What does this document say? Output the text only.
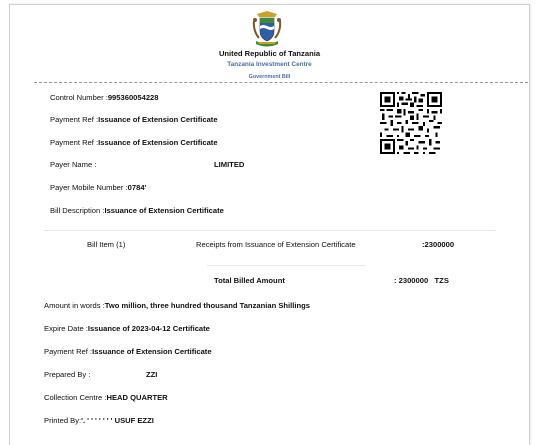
United Republic of Tanzania
Tanzania Investment Centre
Government Bill
Control Number :995360054228
Payment Ref :Issuance of Extension Certificate
Payment Ref :Issuance of Extension Certificate
Payer Name :	LIMITED
Payer Mobile Number :0784'
Bill Description :Issuance of Extension Certificate
Bill Item (1)	Receipts from Issuance of Extension Certificate	:2300000
Total Billed Amount	: 2300000 TZS
Amount in words :Two million, three hundred thousand Tanzanian Shillings
Expire Date :Issuance of 2023-04-12 Certificate
Payment Ref :Issuance of Extension Certificate
Prepared By :	ZZI
Collection Centre :HEAD QUARTER
Printed By:'. ' ' ' ' ' ' ' USUF EZZI
